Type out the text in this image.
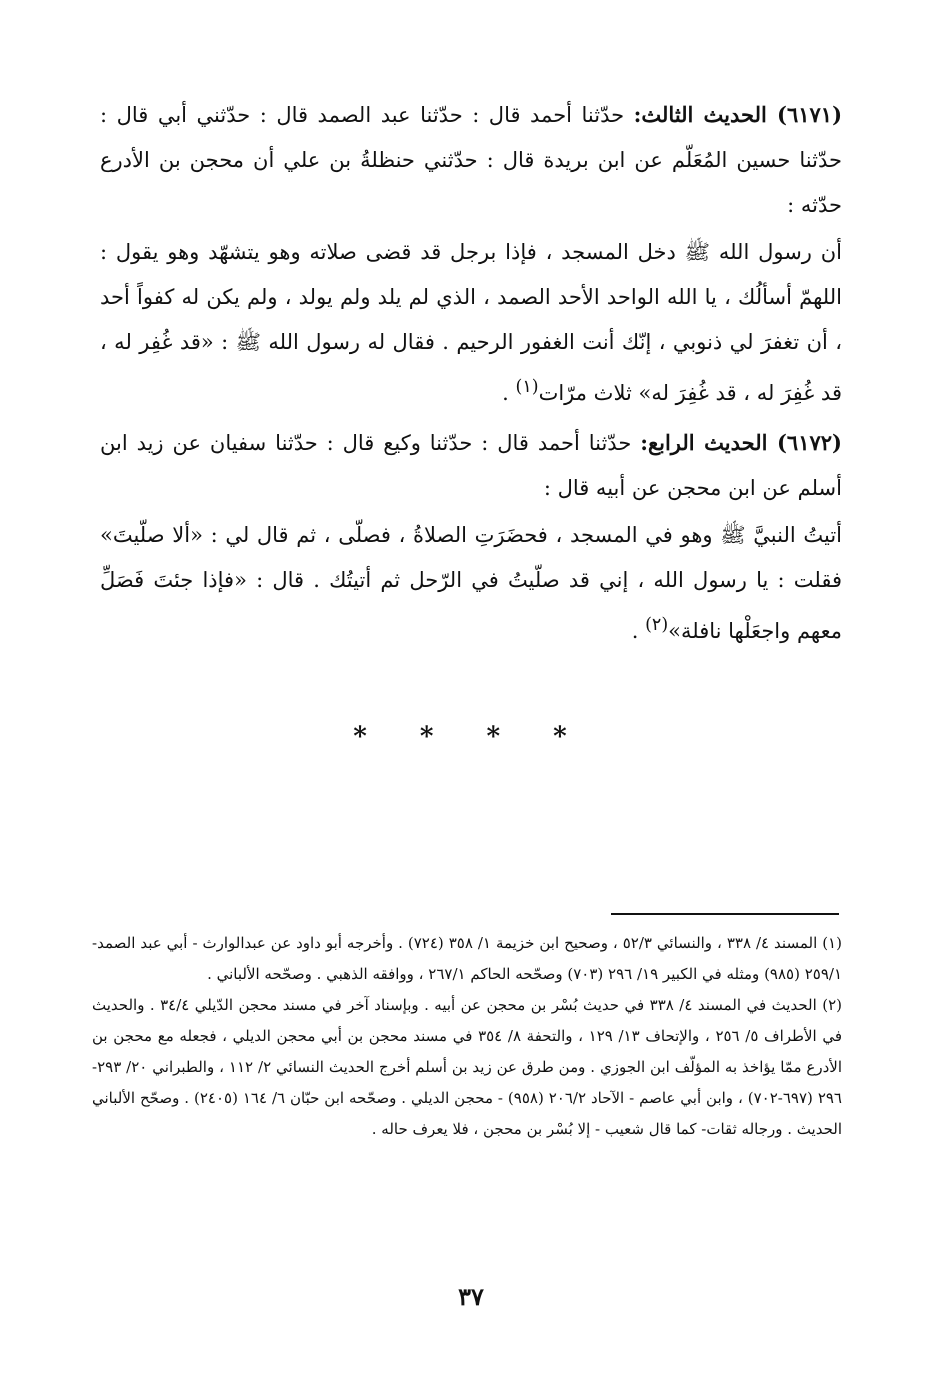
(٦١٧١) الحديث الثالث: حدّثنا أحمد قال : حدّثنا عبد الصمد قال : حدّثني أبي قال : حدّثنا حسين المُعَلّم عن ابن بريدة قال : حدّثني حنظلةُ بن علي أن محجن بن الأدرع حدّثه :

أن رسول الله ﷺ دخل المسجد ، فإذا برجل قد قضى صلاته وهو يتشهّد وهو يقول : اللهمّ أسألُك ، يا الله الواحد الأحد الصمد ، الذي لم يلد ولم يولد ، ولم يكن له كفواً أحد ، أن تغفرَ لي ذنوبي ، إنّك أنت الغفور الرحيم . فقال له رسول الله ﷺ : «قد غُفِر له ، قد غُفِرَ له ، قد غُفِرَ له» ثلاث مرّات$^{(١)}$ .

(٦١٧٢) الحديث الرابع: حدّثنا أحمد قال : حدّثنا وكيع قال : حدّثنا سفيان عن زيد ابن أسلم عن ابن محجن عن أبيه قال :

أتيتُ النبيَّ ﷺ وهو في المسجد ، فحضَرَتِ الصلاةُ ، فصلّى ، ثم قال لي : «ألا صلّيتَ» فقلت : يا رسول الله ، إني قد صلّيتُ في الرّحل ثم أتيتُك . قال : «فإذا جئتَ فَصَلِّ معهم واجعَلْها نافلة»$^{(٢)}$ .

* * * *

(١) المسند ٤/ ٣٣٨ ، والنسائي ٥٢/٣ ، وصحيح ابن خزيمة ١/ ٣٥٨ (٧٢٤) . وأخرجه أبو داود عن عبدالوارث - أبي عبد الصمد- ٢٥٩/١ (٩٨٥) ومثله في الكبير ١٩/ ٢٩٦ (٧٠٣) وصحّحه الحاكم ٢٦٧/١ ، ووافقه الذهبي . وصحّحه الألباني .

(٢) الحديث في المسند ٤/ ٣٣٨ في حديث بُسْر بن محجن عن أبيه . وبإسناد آخر في مسند محجن الدّيلي ٣٤/٤ . والحديث في الأطراف ٥/ ٢٥٦ ، والإتحاف ١٣/ ١٢٩ ، والتحفة ٨/ ٣٥٤ في مسند محجن بن أبي محجن الديلي ، فجعله مع محجن بن الأدرع ممّا يؤاخذ به المؤلّف ابن الجوزي . ومن طرق عن زيد بن أسلم أخرج الحديث النسائي ٢/ ١١٢ ، والطبراني ٢٠/ ٢٩٣- ٢٩٦ (٦٩٧-٧٠٢) ، وابن أبي عاصم - الآحاد ٢٠٦/٢ (٩٥٨) - محجن الديلي . وصحّحه ابن حبّان ٦/ ١٦٤ (٢٤٠٥) . وصحّح الألباني الحديث . ورجاله ثقات- كما قال شعيب - إلا بُسْر بن محجن ، فلا يعرف حاله .

٣٧
